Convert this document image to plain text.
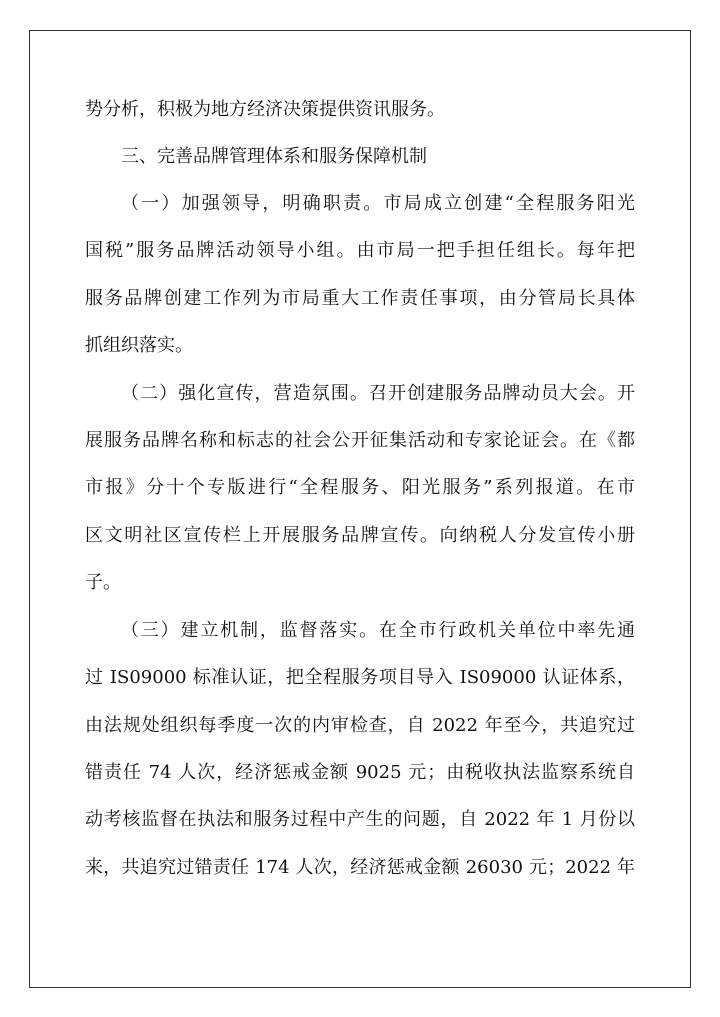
势分析，积极为地方经济决策提供资讯服务。
三、完善品牌管理体系和服务保障机制
（一）加强领导，明确职责。市局成立创建“全程服务阳光
国税”服务品牌活动领导小组。由市局一把手担任组长。每年把
服务品牌创建工作列为市局重大工作责任事项，由分管局长具体
抓组织落实。
（二）强化宣传，营造氛围。召开创建服务品牌动员大会。开
展服务品牌名称和标志的社会公开征集活动和专家论证会。在《都
市报》分十个专版进行“全程服务、阳光服务”系列报道。在市
区文明社区宣传栏上开展服务品牌宣传。向纳税人分发宣传小册
子。
（三）建立机制，监督落实。在全市行政机关单位中率先通
过 IS09000 标准认证，把全程服务项目导入 IS09000 认证体系，
由法规处组织每季度一次的内审检查，自 2022 年至今，共追究过
错责任 74 人次，经济惩戒金额 9025 元；由税收执法监察系统自
动考核监督在执法和服务过程中产生的问题，自 2022 年 1 月份以
来，共追究过错责任 174 人次，经济惩戒金额 26030 元；2022 年
